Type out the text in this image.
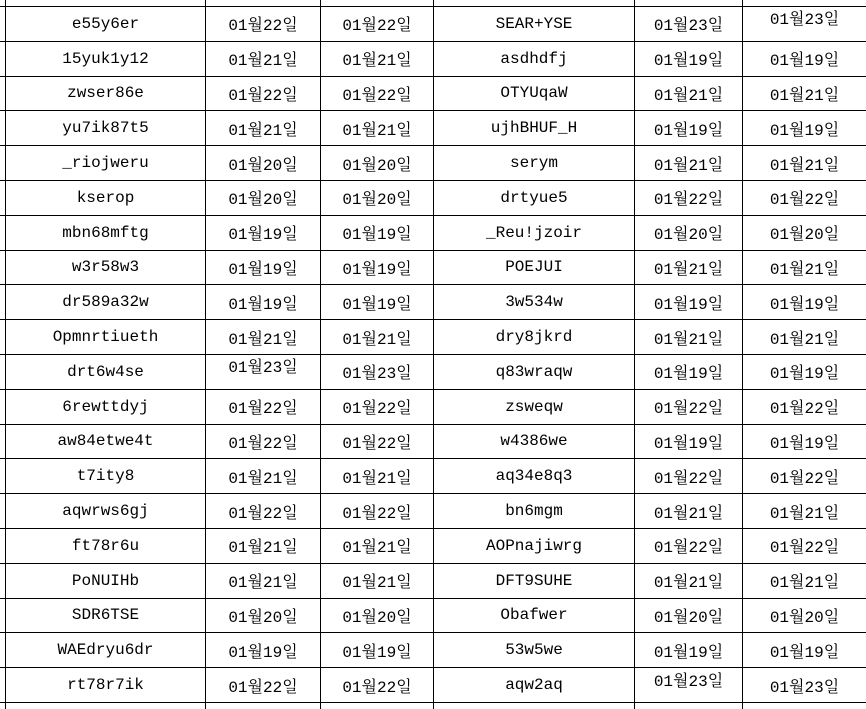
e55y6er	01월22일	01월22일	SEAR+YSE	01월23일	01월23일
15yuk1y12	01월21일	01월21일	asdhdfj	01월19일	01월19일
zwser86e	01월22일	01월22일	OTYUqaW	01월21일	01월21일
yu7ik87t5	01월21일	01월21일	ujhBHUF_H	01월19일	01월19일
_riojweru	01월20일	01월20일	serym	01월21일	01월21일
kserop	01월20일	01월20일	drtyue5	01월22일	01월22일
mbn68mftg	01월19일	01월19일	_Reu!jzoir	01월20일	01월20일
w3r58w3	01월19일	01월19일	POEJUI	01월21일	01월21일
dr589a32w	01월19일	01월19일	3w534w	01월19일	01월19일
Opmnrtiueth	01월21일	01월21일	dry8jkrd	01월21일	01월21일
drt6w4se	01월23일	01월23일	q83wraqw	01월19일	01월19일
6rewttdyj	01월22일	01월22일	zsweqw	01월22일	01월22일
aw84etwe4t	01월22일	01월22일	w4386we	01월19일	01월19일
t7ity8	01월21일	01월21일	aq34e8q3	01월22일	01월22일
aqwrws6gj	01월22일	01월22일	bn6mgm	01월21일	01월21일
ft78r6u	01월21일	01월21일	AOPnajiwrg	01월22일	01월22일
PoNUIHb	01월21일	01월21일	DFT9SUHE	01월21일	01월21일
SDR6TSE	01월20일	01월20일	Obafwer	01월20일	01월20일
WAEdryu6dr	01월19일	01월19일	53w5we	01월19일	01월19일
rt78r7ik	01월22일	01월22일	aqw2aq	01월23일	01월23일
